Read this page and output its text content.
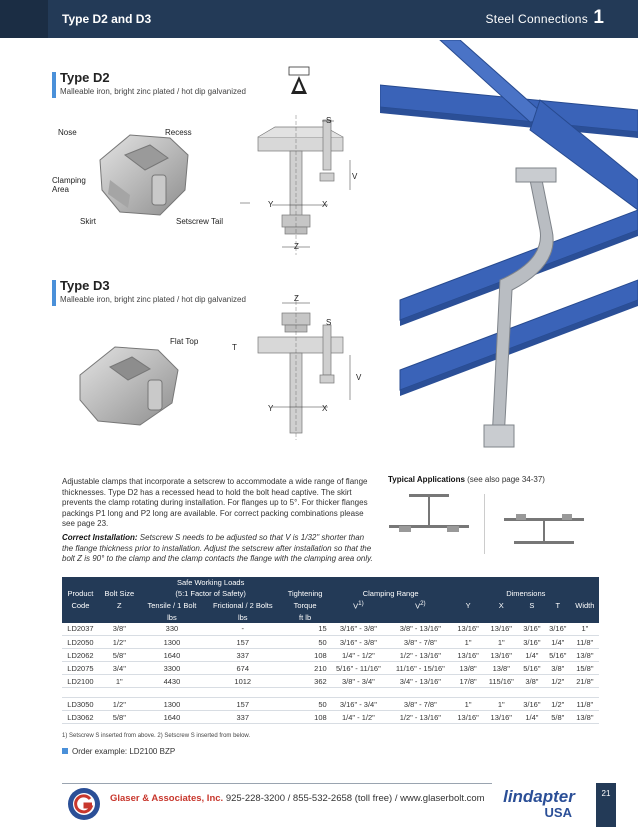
Type D2 and D3	Steel Connections 1
Type D2
Malleable iron, bright zinc plated / hot dip galvanized
Nose	Recess
Clamping
Area
Skirt	Setscrew Tail
S
V
Y	X
Z
Type D3
Malleable iron, bright zinc plated / hot dip galvanized
Flat Top
Z
S
T
V
Y	X
Adjustable clamps that incorporate a setscrew to accommodate a wide range of flange thicknesses. Type D2 has a recessed head to hold the bolt head captive. The skirt prevents the clamp rotating during installation. For flanges up to 5°. For thicker flanges packings P1 long and P2 long are available. For correct packing combinations please see page 23.
Correct Installation: Setscrew S needs to be adjusted so that V is 1/32" shorter than the flange thickness prior to installation. Adjust the setscrew after installation so that the bolt Z is 90° to the clamp and the clamp contacts the flange with the clamping area only.
Typical Applications (see also page 34-37)
		Safe Working Loads									
Product	Bolt Size	(5:1 Factor of Safety)		Tightening	Clamping Range		Dimensions				
Code	Z	Tensile / 1 Bolt	Frictional / 2 Bolts	Torque	$V^{1)}$	$V^{2)}$	Y	X	S	T	Width
		lbs	lbs	ft lb							
LD2037	3/8"	330	-	15	3/16" - 3/8"	3/8" - 13/16"	13/16"	13/16"	3/16"	3/16"	1"
LD2050	1/2"	1300	157	50	3/16" - 3/8"	3/8" - 7/8"	1"	1"	3/16"	1/4"	11/8"
LD2062	5/8"	1640	337	108	1/4" - 1/2"	1/2" - 13/16"	13/16"	13/16"	1/4"	5/16"	13/8"
LD2075	3/4"	3300	674	210	5/16" - 11/16"	11/16" - 15/16"	13/8"	13/8"	5/16"	3/8"	15/8"
LD2100	1"	4430	1012	362	3/8" - 3/4"	3/4" - 13/16"	17/8"	115/16"	3/8"	1/2"	21/8"

LD3050	1/2"	1300	157	50	3/16" - 3/4"	3/8" - 7/8"	1"	1"	3/16"	1/2"	11/8"
LD3062	5/8"	1640	337	108	1/4" - 1/2"	1/2" - 13/16"	13/16"	13/16"	1/4"	5/8"	13/8"
1) Setscrew S inserted from above. 2) Setscrew S inserted from below.
Order example: LD2100 BZP
Glaser & Associates, Inc. 925-228-3200 / 855-532-2658 (toll free) / www.glaserbolt.com lindapter
USA
21
